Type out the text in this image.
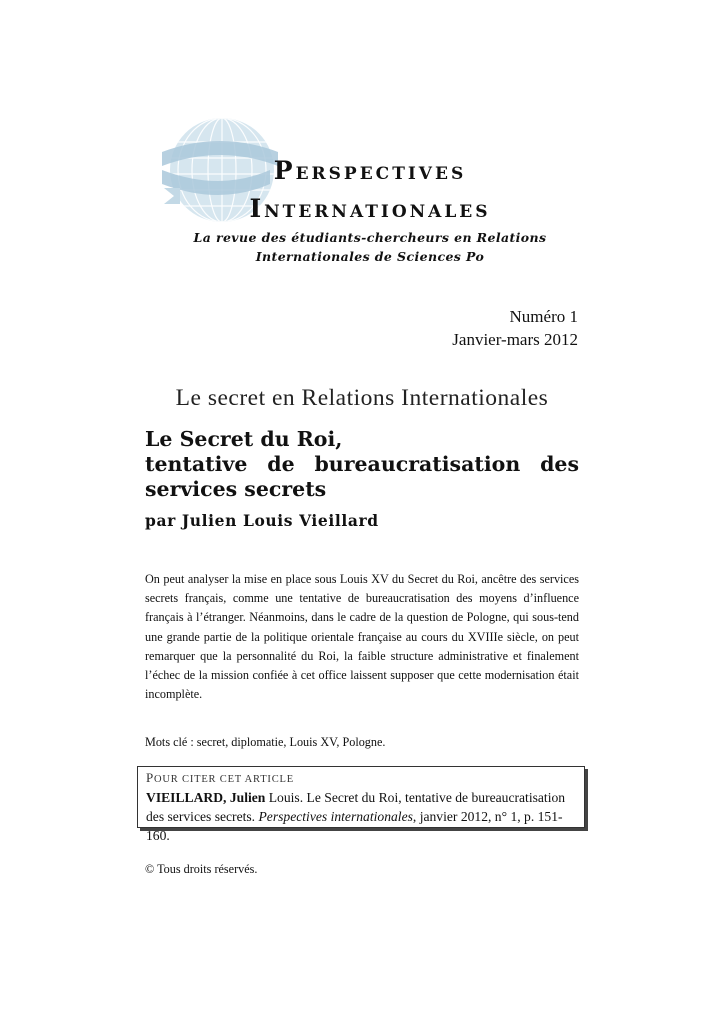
PERSPECTIVES
INTERNATIONALES
La revue des étudiants-chercheurs en Relations
Internationales de Sciences Po
Numéro 1
Janvier-mars 2012
Le secret en Relations Internationales
Le Secret du Roi,
tentative de bureaucratisation des
services secrets
par Julien Louis Vieillard

On peut analyser la mise en place sous Louis XV du Secret du Roi, ancêtre des services secrets français, comme une tentative de bureaucratisation des moyens d’influence français à l’étranger. Néanmoins, dans le cadre de la question de Pologne, qui sous-tend une grande partie de la politique orientale française au cours du XVIIIe siècle, on peut remarquer que la personnalité du Roi, la faible structure administrative et finalement l’échec de la mission confiée à cet office laissent supposer que cette modernisation était incomplète.

Mots clé : secret, diplomatie, Louis XV, Pologne.
POUR CITER CET ARTICLE

VIEILLARD, Julien Louis. Le Secret du Roi, tentative de bureaucratisation des services secrets. Perspectives internationales, janvier 2012, n° 1, p. 151-160.

© Tous droits réservés.
